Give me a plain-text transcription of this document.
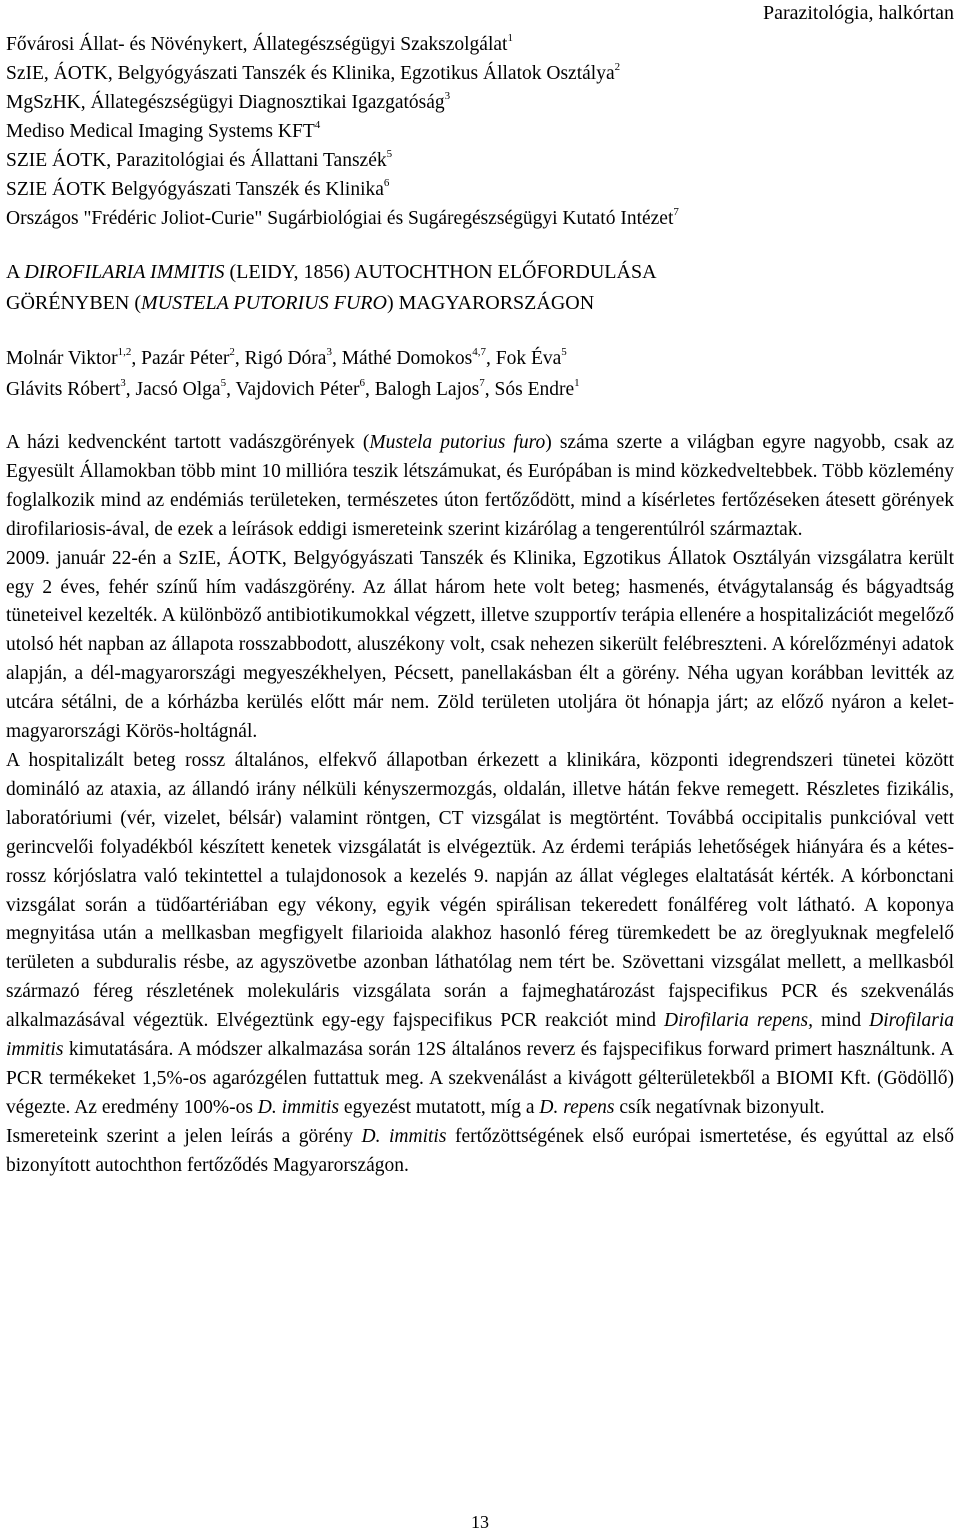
Parazitológia, halkórtan
Fővárosi Állat- és Növénykert, Állategészségügyi Szakszolgálat$^1$
SzIE, ÁOTK, Belgyógyászati Tanszék és Klinika, Egzotikus Állatok Osztálya$^2$
MgSzHK, Állategészségügyi Diagnosztikai Igazgatóság$^3$
Mediso Medical Imaging Systems KFT$^4$
SZIE ÁOTK, Parazitológiai és Állattani Tanszék$^5$
SZIE ÁOTK Belgyógyászati Tanszék és Klinika$^6$
Országos "Frédéric Joliot-Curie" Sugárbiológiai és Sugáregészségügyi Kutató Intézet$^7$
A DIROFILARIA IMMITIS (LEIDY, 1856) AUTOCHTHON ELŐFORDULÁSA
GÖRÉNYBEN (MUSTELA PUTORIUS FURO) MAGYARORSZÁGON
Molnár Viktor$^{1,2}$, Pazár Péter$^2$, Rigó Dóra$^3$, Máthé Domokos$^{4,7}$, Fok Éva$^5$
Glávits Róbert$^3$, Jacsó Olga$^5$, Vajdovich Péter$^6$, Balogh Lajos$^7$, Sós Endre$^1$

A házi kedvencként tartott vadászgörények (Mustela putorius furo) száma szerte a világban egyre nagyobb, csak az Egyesült Államokban több mint 10 millióra teszik létszámukat, és Európában is mind közkedveltebbek. Több közlemény foglalkozik mind az endémiás területeken, természetes úton fertőződött, mind a kísérletes fertőzéseken átesett görények dirofilariosis-ával, de ezek a leírások eddigi ismereteink szerint kizárólag a tengerentúlról származtak.

2009. január 22-én a SzIE, ÁOTK, Belgyógyászati Tanszék és Klinika, Egzotikus Állatok Osztályán vizsgálatra került egy 2 éves, fehér színű hím vadászgörény. Az állat három hete volt beteg; hasmenés, étvágytalanság és bágyadtság tüneteivel kezelték. A különböző antibiotikumokkal végzett, illetve szupportív terápia ellenére a hospitalizációt megelőző utolsó hét napban az állapota rosszabbodott, aluszékony volt, csak nehezen sikerült felébreszteni. A kórelőzményi adatok alapján, a dél-magyarországi megyeszékhelyen, Pécsett, panellakásban élt a görény. Néha ugyan korábban levitték az utcára sétálni, de a kórházba kerülés előtt már nem. Zöld területen utoljára öt hónapja járt; az előző nyáron a kelet-magyarországi Körös-holtágnál.

A hospitalizált beteg rossz általános, elfekvő állapotban érkezett a klinikára, központi idegrendszeri tünetei között domináló az ataxia, az állandó irány nélküli kényszermozgás, oldalán, illetve hátán fekve remegett. Részletes fizikális, laboratóriumi (vér, vizelet, bélsár) valamint röntgen, CT vizsgálat is megtörtént. Továbbá occipitalis punkcióval vett gerincvelői folyadékból készített kenetek vizsgálatát is elvégeztük. Az érdemi terápiás lehetőségek hiányára és a kétes-rossz kórjóslatra való tekintettel a tulajdonosok a kezelés 9. napján az állat végleges elaltatását kérték. A kórbonctani vizsgálat során a tüdőartériában egy vékony, egyik végén spirálisan tekeredett fonálféreg volt látható. A koponya megnyitása után a mellkasban megfigyelt filarioida alakhoz hasonló féreg türemkedett be az öreglyuknak megfelelő területen a subduralis résbe, az agyszövetbe azonban láthatólag nem tért be. Szövettani vizsgálat mellett, a mellkasból származó féreg részletének molekuláris vizsgálata során a fajmeghatározást fajspecifikus PCR és szekvenálás alkalmazásával végeztük. Elvégeztünk egy-egy fajspecifikus PCR reakciót mind Dirofilaria repens, mind Dirofilaria immitis kimutatására. A módszer alkalmazása során 12S általános reverz és fajspecifikus forward primert használtunk. A PCR termékeket 1,5%-os agarózgélen futtattuk meg. A szekvenálást a kivágott gélterületekből a BIOMI Kft. (Gödöllő) végezte. Az eredmény 100%-os D. immitis egyezést mutatott, míg a D. repens csík negatívnak bizonyult.

Ismereteink szerint a jelen leírás a görény D. immitis fertőzöttségének első európai ismertetése, és egyúttal az első bizonyított autochthon fertőződés Magyarországon.

13
